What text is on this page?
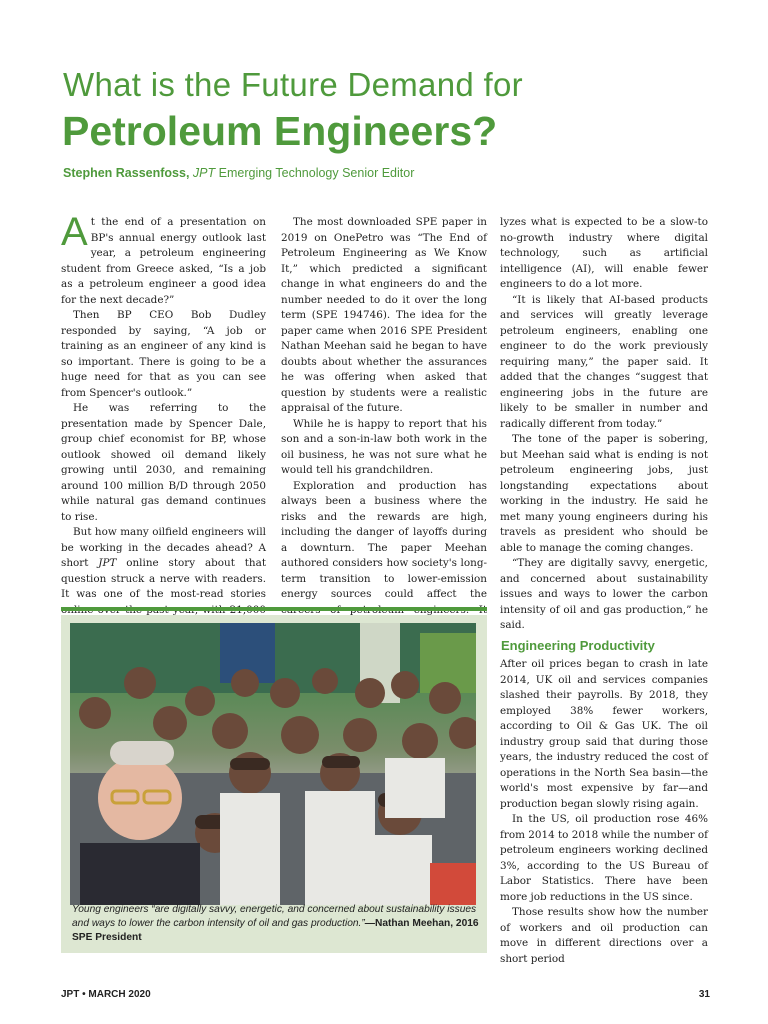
What is the Future Demand for
Petroleum Engineers?
Stephen Rassenfoss, JPT Emerging Technology Senior Editor

At the end of a presentation on BP's annual energy outlook last year, a petroleum engineering student from Greece asked, “Is a job as a petroleum engineer a good idea for the next decade?”

Then BP CEO Bob Dudley responded by saying, “A job or training as an engineer of any kind is so important. There is going to be a huge need for that as you can see from Spencer's outlook.”

He was referring to the presentation made by Spencer Dale, group chief economist for BP, whose outlook showed oil demand likely growing until 2030, and remaining around 100 million B/D through 2050 while natural gas demand continues to rise.

But how many oilfield engineers will be working in the decades ahead? A short JPT online story about that question struck a nerve with readers. It was one of the most-read stories

The most downloaded SPE paper in 2019 on OnePetro was “The End of Petroleum Engineering as We Know It,” which predicted a significant change in what engineers do and the number needed to do it over the long term (SPE 194746). The idea for the paper came when 2016 SPE President Nathan Meehan said he began to have doubts about whether the assurances he was offering when asked that question by students were a realistic appraisal of the future.

While he is happy to report that his son and a son-in-law both work in the oil business, he was not sure what he would tell his grandchildren.

Exploration and production has always been a business where the risks and the rewards are high, including the danger of layoffs during a downturn. The paper Meehan authored considers how society's long-term transition to lower-emission energy sources could affect the

lyzes what is expected to be a slow-to no-growth industry where digital technology, such as artificial intelligence (AI), will enable fewer engineers to do a lot more.

“It is likely that AI-based products and services will greatly leverage petroleum engineers, enabling one engineer to do the work previously requiring many,” the paper said. It added that the changes “suggest that engineering jobs in the future are likely to be smaller in number and radically different from today.”

The tone of the paper is sobering, but Meehan said what is ending is not petroleum engineering jobs, just longstanding expectations about working in the industry. He said he met many young engineers during his travels as president who should be able to manage the coming changes.

“They are digitally savvy, energetic, and concerned about sustainability issues and ways to lower the carbon intensity of oil and gas production,” he said.

Engineering Productivity

After oil prices began to crash in late 2014, UK oil and services companies slashed their payrolls. By 2018, they employed 38% fewer workers, according to Oil & Gas UK. The oil industry group said that during those years, the industry reduced the cost of operations in the North Sea basin—the world's most expensive by far—and production began slowly rising again.

In the US, oil production rose 46% from 2014 to 2018 while the number of petroleum engineers working declined 3%, according to the US Bureau of Labor Statistics. There have been more job reductions in the US since.

Those results show how the number of workers and oil production can move in different directions over a short period

Young engineers “are digitally savvy, energetic, and concerned about sustainability issues and ways to lower the carbon intensity of oil and gas production.”—Nathan Meehan, 2016 SPE President
JPT • MARCH 2020	31
